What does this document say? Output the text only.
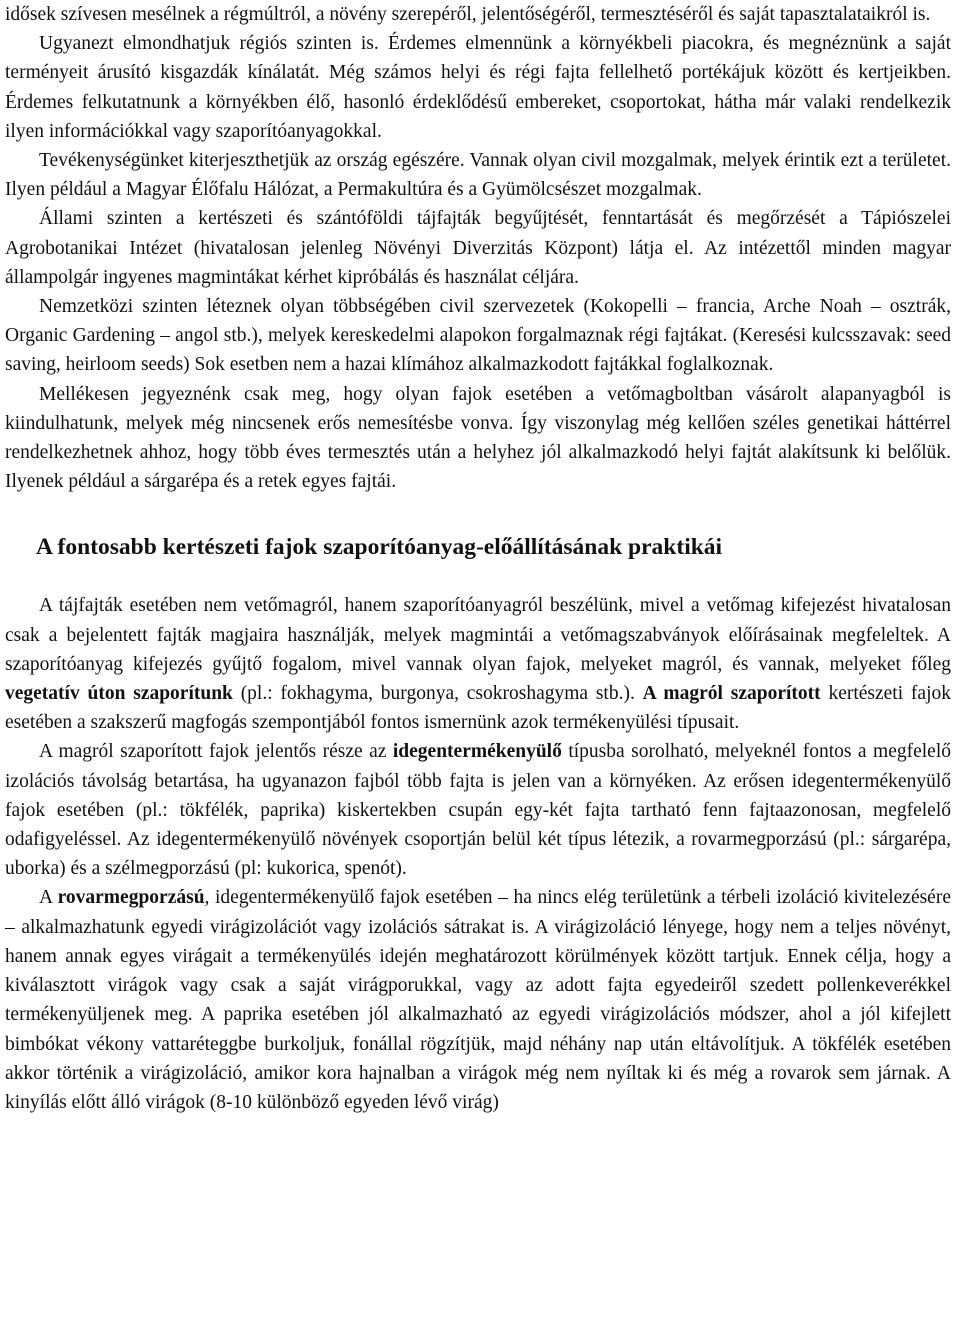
idősek szívesen mesélnek a régmúltról, a növény szerepéről, jelentőségéről, termesztéséről és saját tapasztalataikról is.

Ugyanezt elmondhatjuk régiós szinten is. Érdemes elmennünk a környékbeli piacokra, és megnéznünk a saját terményeit árusító kisgazdák kínálatát. Még számos helyi és régi fajta fellelhető portékájuk között és kertjeikben. Érdemes felkutatnunk a környékben élő, hasonló érdeklődésű embereket, csoportokat, hátha már valaki rendelkezik ilyen információkkal vagy szaporítóanyagokkal.

Tevékenységünket kiterjeszthetjük az ország egészére. Vannak olyan civil mozgalmak, melyek érintik ezt a területet. Ilyen például a Magyar Élőfalu Hálózat, a Permakultúra és a Gyümölcsészet mozgalmak.

Állami szinten a kertészeti és szántóföldi tájfajták begyűjtését, fenntartását és megőrzését a Tápiószelei Agrobotanikai Intézet (hivatalosan jelenleg Növényi Diverzitás Központ) látja el. Az intézettől minden magyar állampolgár ingyenes magmintákat kérhet kipróbálás és használat céljára.

Nemzetközi szinten léteznek olyan többségében civil szervezetek (Kokopelli – francia, Arche Noah – osztrák, Organic Gardening – angol stb.), melyek kereskedelmi alapokon forgalmaznak régi fajtákat. (Keresési kulcsszavak: seed saving, heirloom seeds) Sok esetben nem a hazai klímához alkalmazkodott fajtákkal foglalkoznak.

Mellékesen jegyeznénk csak meg, hogy olyan fajok esetében a vetőmagboltban vásárolt alapanyagból is kiindulhatunk, melyek még nincsenek erős nemesítésbe vonva. Így viszonylag még kellően széles genetikai háttérrel rendelkezhetnek ahhoz, hogy több éves termesztés után a helyhez jól alkalmazkodó helyi fajtát alakítsunk ki belőlük. Ilyenek például a sárgarépa és a retek egyes fajtái.

A fontosabb kertészeti fajok szaporítóanyag-előállításának praktikái

A tájfajták esetében nem vetőmagról, hanem szaporítóanyagról beszélünk, mivel a vetőmag kifejezést hivatalosan csak a bejelentett fajták magjaira használják, melyek magmintái a vetőmagszabványok előírásainak megfeleltek. A szaporítóanyag kifejezés gyűjtő fogalom, mivel vannak olyan fajok, melyeket magról, és vannak, melyeket főleg vegetatív úton szaporítunk (pl.: fokhagyma, burgonya, csokroshagyma stb.). A magról szaporított kertészeti fajok esetében a szakszerű magfogás szempontjából fontos ismernünk azok termékenyülési típusait.

A magról szaporított fajok jelentős része az idegentermékenyülő típusba sorolható, melyeknél fontos a megfelelő izolációs távolság betartása, ha ugyanazon fajból több fajta is jelen van a környéken. Az erősen idegentermékenyülő fajok esetében (pl.: tökfélék, paprika) kiskertekben csupán egy-két fajta tartható fenn fajtaazonosan, megfelelő odafigyeléssel. Az idegentermékenyülő növények csoportján belül két típus létezik, a rovarmegporzású (pl.: sárgarépa, uborka) és a szélmegporzású (pl: kukorica, spenót).

A rovarmegporzású, idegentermékenyülő fajok esetében – ha nincs elég területünk a térbeli izoláció kivitelezésére – alkalmazhatunk egyedi virágizolációt vagy izolációs sátrakat is. A virágizoláció lényege, hogy nem a teljes növényt, hanem annak egyes virágait a termékenyülés idején meghatározott körülmények között tartjuk. Ennek célja, hogy a kiválasztott virágok vagy csak a saját virágporukkal, vagy az adott fajta egyedeiről szedett pollenkeverékkel termékenyüljenek meg. A paprika esetében jól alkalmazható az egyedi virágizolációs módszer, ahol a jól kifejlett bimbókat vékony vattaréteggbe burkoljuk, fonállal rögzítjük, majd néhány nap után eltávolítjuk. A tökfélék esetében akkor történik a virágizoláció, amikor kora hajnalban a virágok még nem nyíltak ki és még a rovarok sem járnak. A kinyílás előtt álló virágok (8-10 különböző egyeden lévő virág)
